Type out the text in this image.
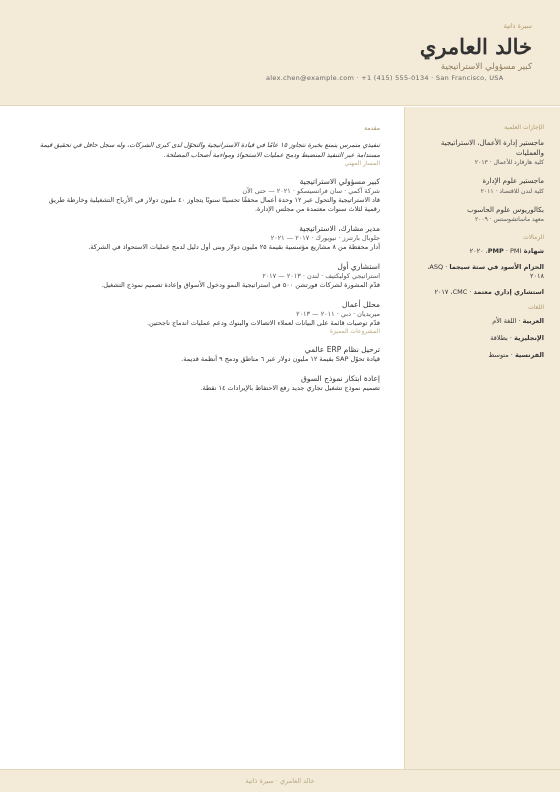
سيرة ذاتية
خالد العامري
كبير مسؤولي الاستراتيجية
alex.chen@example.com · +1 (415) 555-0134 · San Francisco, USA
الإجازات العلمية
ماجستير إدارة الأعمال، الاستراتيجية والعمليات
كلية هارفارد للأعمال · ٢٠١٣
ماجستير علوم الإدارة
كلية لندن للاقتصاد · ٢٠١١
بكالوريوس علوم الحاسوب
معهد ماساتشوستس · ٢٠٠٩
الزمالات
شهادة PMP · PMI، ٢٠٢٠
الحزام الأسود في ستة سيجما · ASQ، ٢٠١٨
استشاري إداري معتمد · CMC، ٢٠١٧
اللغات
العربية · اللغة الأم
الإنجليزية · بطلاقة
الفرنسية · متوسط
مقدمة
تنفيذي متمرس يتمتع بخبرة تتجاوز ١٥ عامًا في قيادة الاستراتيجية والتحوّل لدى كبرى الشركات، وله سجل حافل في تحقيق قيمة مستدامة عبر التنفيذ المنضبط ودمج عمليات الاستحواذ ومواءمة أصحاب المصلحة.
المسار المهني
كبير مسؤولي الاستراتيجية
شركة آكمي · سان فرانسيسكو · ٢٠٢١ — حتى الآن
قاد الاستراتيجية والتحول عبر ١٢ وحدة أعمال محققًا تحسينًا سنويًا يتجاوز ٤٠ مليون دولار في الأرباح التشغيلية وخارطة طريق رقمية لثلاث سنوات معتمدة من مجلس الإدارة.
مدير مشارك، الاستراتيجية
جلوبال بارتنرز · نيويورك · ٢٠١٧ — ٢٠٢١
أدار محفظة من ٨ مشاريع مؤسسية بقيمة ٢٥ مليون دولار وبنى أول دليل لدمج عمليات الاستحواذ في الشركة.
استشاري أول
استراتيجي كوليكتيف · لندن · ٢٠١٣ — ٢٠١٧
قدّم المشورة لشركات فورتشن ٥٠٠ في استراتيجية النمو ودخول الأسواق وإعادة تصميم نموذج التشغيل.
محلل أعمال
ميريديان · دبي · ٢٠١١ — ٢٠١٣
قدّم توصيات قائمة على البيانات لعملاء الاتصالات والبنوك ودعم عمليات اندماج ناجحتين.
المشروعات المميزة
ترحيل نظام ERP عالمي
قيادة تحوّل SAP بقيمة ١٢ مليون دولار عبر ٦ مناطق ودمج ٩ أنظمة قديمة.
إعادة ابتكار نموذج السوق
تصميم نموذج تشغيل تجاري جديد رفع الاحتفاظ بالإيرادات ١٤ نقطة.
خالد العامري · سيرة ذاتية
